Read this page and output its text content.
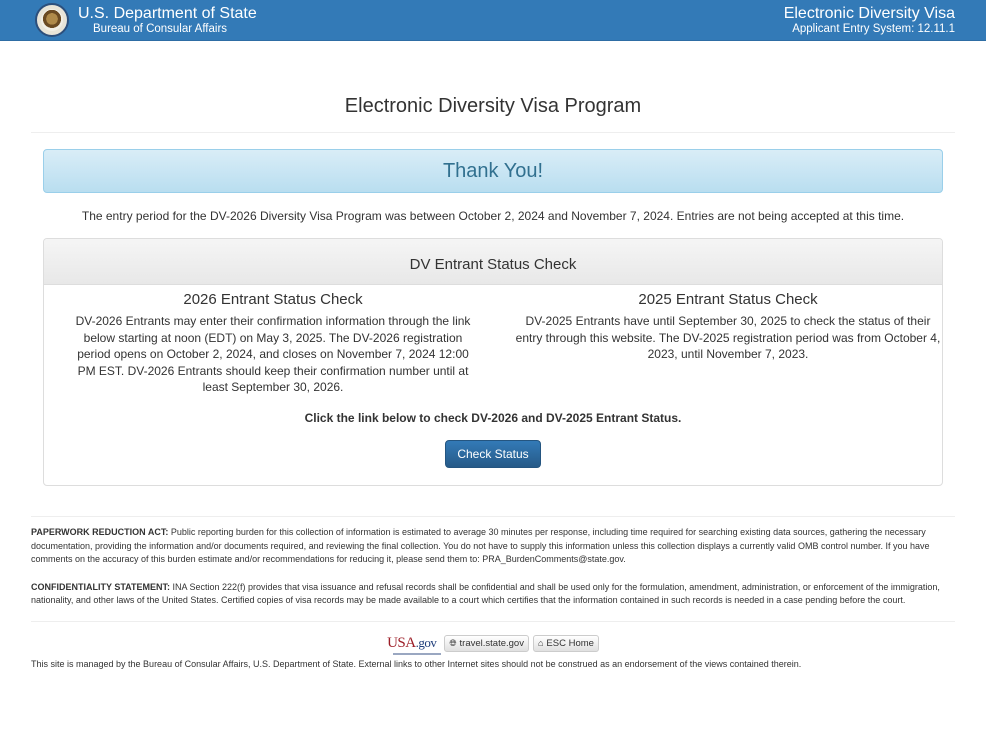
U.S. Department of State
Bureau of Consular Affairs
Electronic Diversity Visa
Applicant Entry System: 12.11.1
Electronic Diversity Visa Program
Thank You!

The entry period for the DV-2026 Diversity Visa Program was between October 2, 2024 and November 7, 2024. Entries are not being accepted at this time.

DV Entrant Status Check
2026 Entrant Status Check

DV-2026 Entrants may enter their confirmation information through the link below starting at noon (EDT) on May 3, 2025. The DV-2026 registration period opens on October 2, 2024, and closes on November 7, 2024 12:00 PM EST. DV-2026 Entrants should keep their confirmation number until at least September 30, 2026.

2025 Entrant Status Check

DV-2025 Entrants have until September 30, 2025 to check the status of their entry through this website. The DV-2025 registration period was from October 4, 2023, until November 7, 2023.

Click the link below to check DV-2026 and DV-2025 Entrant Status.

Check Status

PAPERWORK REDUCTION ACT: Public reporting burden for this collection of information is estimated to average 30 minutes per response, including time required for searching existing data sources, gathering the necessary documentation, providing the information and/or documents required, and reviewing the final collection. You do not have to supply this information unless this collection displays a currently valid OMB control number. If you have comments on the accuracy of this burden estimate and/or recommendations for reducing it, please send them to: PRA_BurdenComments@state.gov.

CONFIDENTIALITY STATEMENT: INA Section 222(f) provides that visa issuance and refusal records shall be confidential and shall be used only for the formulation, amendment, administration, or enforcement of the immigration, nationality, and other laws of the United States. Certified copies of visa records may be made available to a court which certifies that the information contained in such records is needed in a case pending before the court.

USA.gov 🌐︎ travel.state.gov ⌂ ESC Home

This site is managed by the Bureau of Consular Affairs, U.S. Department of State. External links to other Internet sites should not be construed as an endorsement of the views contained therein.
